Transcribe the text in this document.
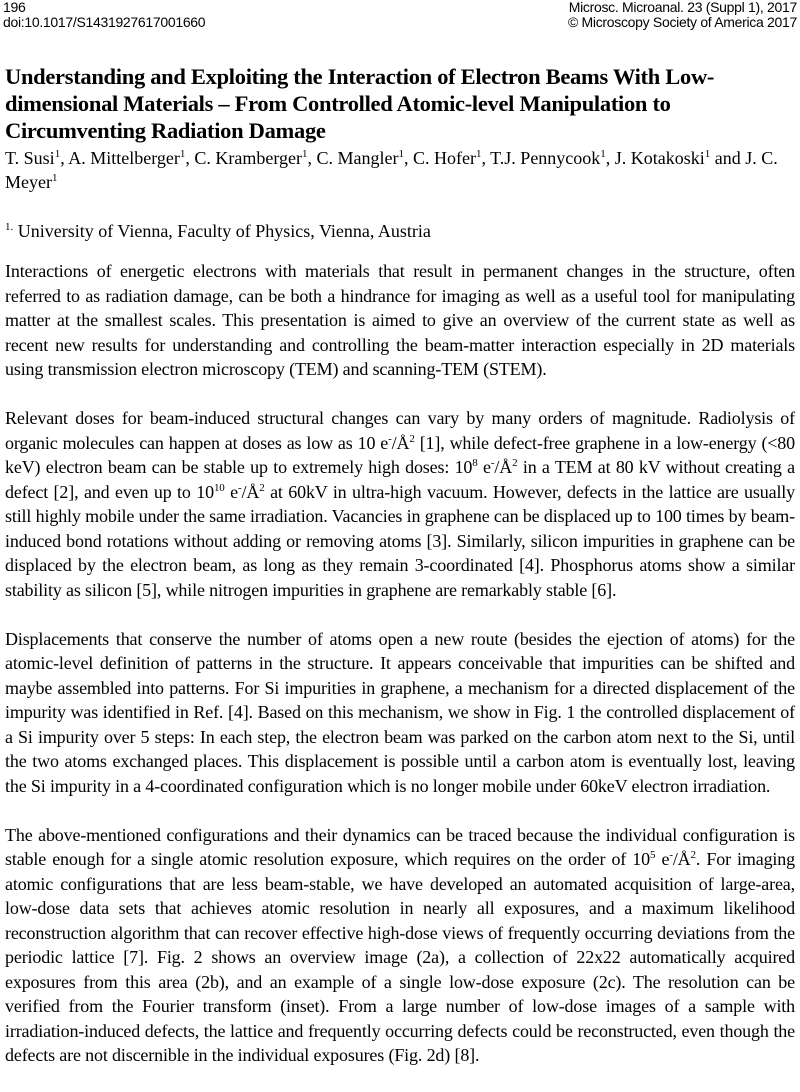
196
doi:10.1017/S1431927617001660
Microsc. Microanal. 23 (Suppl 1), 2017
© Microscopy Society of America 2017
Understanding and Exploiting the Interaction of Electron Beams With Low-dimensional Materials – From Controlled Atomic-level Manipulation to Circumventing Radiation Damage
T. Susi$^1$, A. Mittelberger$^1$, C. Kramberger$^1$, C. Mangler$^1$, C. Hofer$^1$, T.J. Pennycook$^1$, J. Kotakoski$^1$ and J. C. Meyer$^1$
$^{1.}$ University of Vienna, Faculty of Physics, Vienna, Austria

Interactions of energetic electrons with materials that result in permanent changes in the structure, often referred to as radiation damage, can be both a hindrance for imaging as well as a useful tool for manipulating matter at the smallest scales. This presentation is aimed to give an overview of the current state as well as recent new results for understanding and controlling the beam-matter interaction especially in 2D materials using transmission electron microscopy (TEM) and scanning-TEM (STEM).

Relevant doses for beam-induced structural changes can vary by many orders of magnitude. Radiolysis of organic molecules can happen at doses as low as 10 $e^-/Å^2$ [1], while defect-free graphene in a low-energy (<80 keV) electron beam can be stable up to extremely high doses: $10^8$ $e^-/Å^2$ in a TEM at 80 kV without creating a defect [2], and even up to $10^{10}$ $e^-/Å^2$ at 60kV in ultra-high vacuum. However, defects in the lattice are usually still highly mobile under the same irradiation. Vacancies in graphene can be displaced up to 100 times by beam-induced bond rotations without adding or removing atoms [3]. Similarly, silicon impurities in graphene can be displaced by the electron beam, as long as they remain 3-coordinated [4]. Phosphorus atoms show a similar stability as silicon [5], while nitrogen impurities in graphene are remarkably stable [6].

Displacements that conserve the number of atoms open a new route (besides the ejection of atoms) for the atomic-level definition of patterns in the structure. It appears conceivable that impurities can be shifted and maybe assembled into patterns. For Si impurities in graphene, a mechanism for a directed displacement of the impurity was identified in Ref. [4]. Based on this mechanism, we show in Fig. 1 the controlled displacement of a Si impurity over 5 steps: In each step, the electron beam was parked on the carbon atom next to the Si, until the two atoms exchanged places. This displacement is possible until a carbon atom is eventually lost, leaving the Si impurity in a 4-coordinated configuration which is no longer mobile under 60keV electron irradiation.

The above-mentioned configurations and their dynamics can be traced because the individual configuration is stable enough for a single atomic resolution exposure, which requires on the order of $10^5$ $e^-/Å^2$. For imaging atomic configurations that are less beam-stable, we have developed an automated acquisition of large-area, low-dose data sets that achieves atomic resolution in nearly all exposures, and a maximum likelihood reconstruction algorithm that can recover effective high-dose views of frequently occurring deviations from the periodic lattice [7]. Fig. 2 shows an overview image (2a), a collection of 22x22 automatically acquired exposures from this area (2b), and an example of a single low-dose exposure (2c). The resolution can be verified from the Fourier transform (inset). From a large number of low-dose images of a sample with irradiation-induced defects, the lattice and frequently occurring defects could be reconstructed, even though the defects are not discernible in the individual exposures (Fig. 2d) [8].
